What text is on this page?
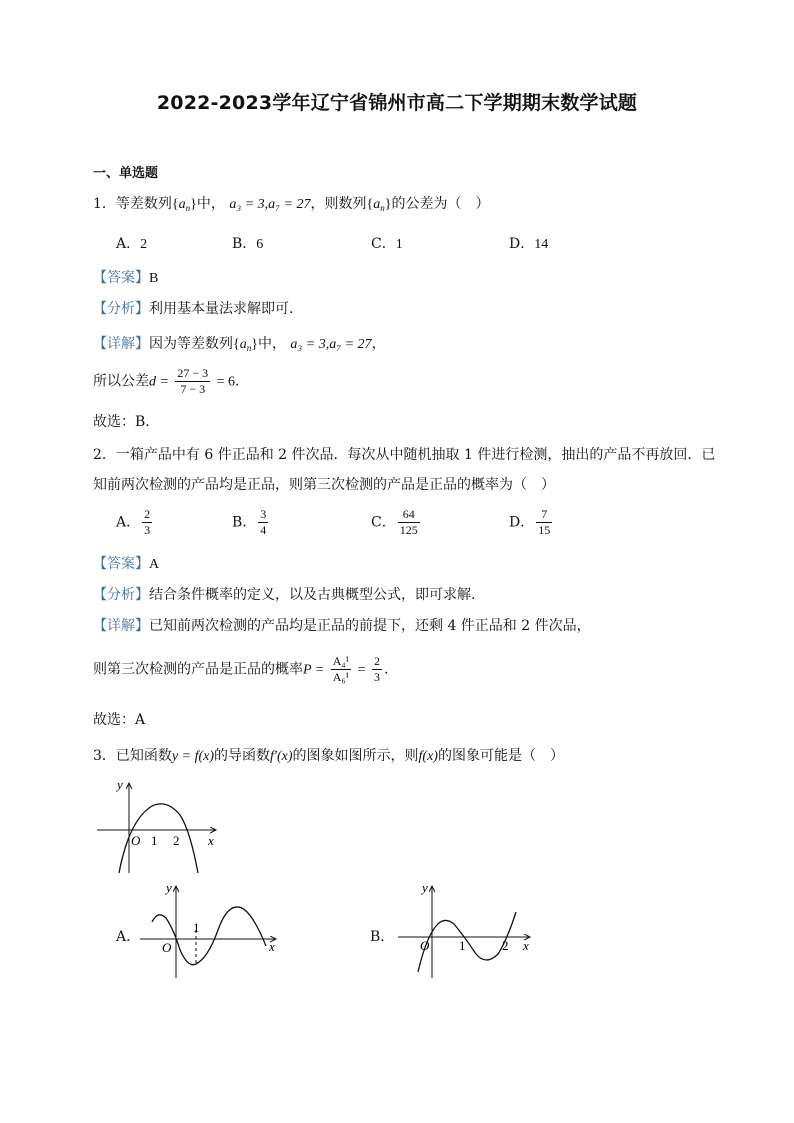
2022-2023学年辽宁省锦州市高二下学期期末数学试题
一、单选题
1．等差数列$\{a_n\}$中， a₃ = 3,a₇ = 27，则数列$\{a_n\}$的公差为（　）
A．2	B．6	C．1	D．14
【答案】B
【分析】利用基本量法求解即可.
【详解】因为等差数列$\{a_n\}$中， a₃ = 3,a₇ = 27，
所以公差$d = \frac{27 - 3}{7 - 3} = 6$.
故选：B.
2．一箱产品中有 6 件正品和 2 件次品．每次从中随机抽取 1 件进行检测，抽出的产品不再放回．已
知前两次检测的产品均是正品，则第三次检测的产品是正品的概率为（　）
A． $\frac{2}{3}$	B． $\frac{3}{4}$	C． $\frac{64}{125}$	D． $\frac{7}{15}$
【答案】A
【分析】结合条件概率的定义，以及古典概型公式，即可求解.
【详解】已知前两次检测的产品均是正品的前提下，还剩 4 件正品和 2 件次品，
则第三次检测的产品是正品的概率$P = \frac{\text{A₄¹}}{\text{A₆¹}} = \frac{2}{3}$ .
故选：A
3．已知函数y = f(x)的导函数f′(x)的图象如图所示，则f(x)的图象可能是（　）
y
x
O 1 2
A．
y
x
O
1
B．
y
x
O 1	2
